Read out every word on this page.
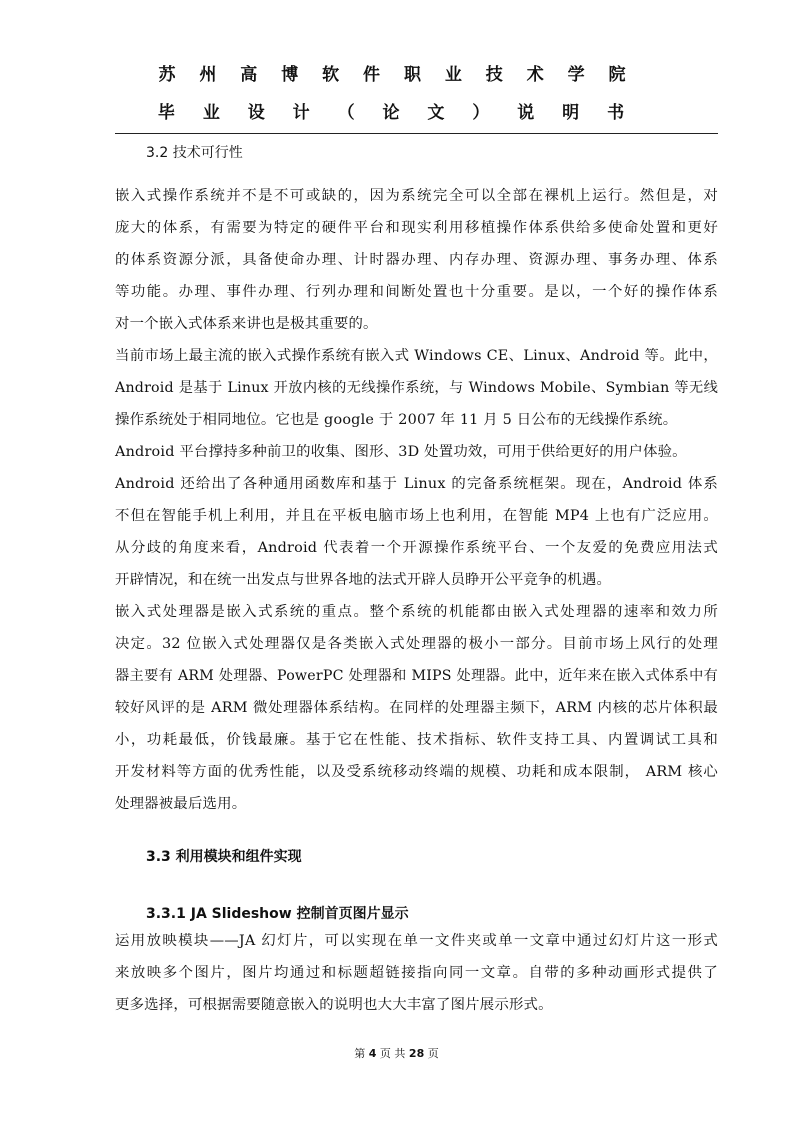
苏 州 高 博 软 件 职 业 技 术 学 院
毕 业 设 计 （ 论 文 ） 说 明 书
3.2 技术可行性
嵌入式操作系统并不是不可或缺的，因为系统完全可以全部在裸机上运行。然但是，对
庞大的体系，有需要为特定的硬件平台和现实利用移植操作体系供给多使命处置和更好
的体系资源分派，具备使命办理、计时器办理、内存办理、资源办理、事务办理、体系
等功能。办理、事件办理、行列办理和间断处置也十分重要。是以，一个好的操作体系
对一个嵌入式体系来讲也是极其重要的。
当前市场上最主流的嵌入式操作系统有嵌入式 Windows CE、Linux、Android 等。此中，
Android 是基于 Linux 开放内核的无线操作系统，与 Windows Mobile、Symbian 等无线
操作系统处于相同地位。它也是 google 于 2007 年 11 月 5 日公布的无线操作系统。
Android 平台撑持多种前卫的收集、图形、3D 处置功效，可用于供给更好的用户体验。
Android 还给出了各种通用函数库和基于 Linux 的完备系统框架。现在，Android 体系
不但在智能手机上利用，并且在平板电脑市场上也利用，在智能 MP4 上也有广泛应用。
从分歧的角度来看，Android 代表着一个开源操作系统平台、一个友爱的免费应用法式
开辟情况，和在统一出发点与世界各地的法式开辟人员睁开公平竞争的机遇。
嵌入式处理器是嵌入式系统的重点。整个系统的机能都由嵌入式处理器的速率和效力所
决定。32 位嵌入式处理器仅是各类嵌入式处理器的极小一部分。目前市场上风行的处理
器主要有 ARM 处理器、PowerPC 处理器和 MIPS 处理器。此中，近年来在嵌入式体系中有
较好风评的是 ARM 微处理器体系结构。在同样的处理器主频下，ARM 内核的芯片体积最
小，功耗最低，价钱最廉。基于它在性能、技术指标、软件支持工具、内置调试工具和
开发材料等方面的优秀性能，以及受系统移动终端的规模、功耗和成本限制， ARM 核心
处理器被最后选用。
3.3 利用模块和组件实现
3.3.1 JA Slideshow 控制首页图片显示
运用放映模块——JA 幻灯片，可以实现在单一文件夹或单一文章中通过幻灯片这一形式
来放映多个图片，图片均通过和标题超链接指向同一文章。自带的多种动画形式提供了
更多选择，可根据需要随意嵌入的说明也大大丰富了图片展示形式。
第 4 页 共 28 页
